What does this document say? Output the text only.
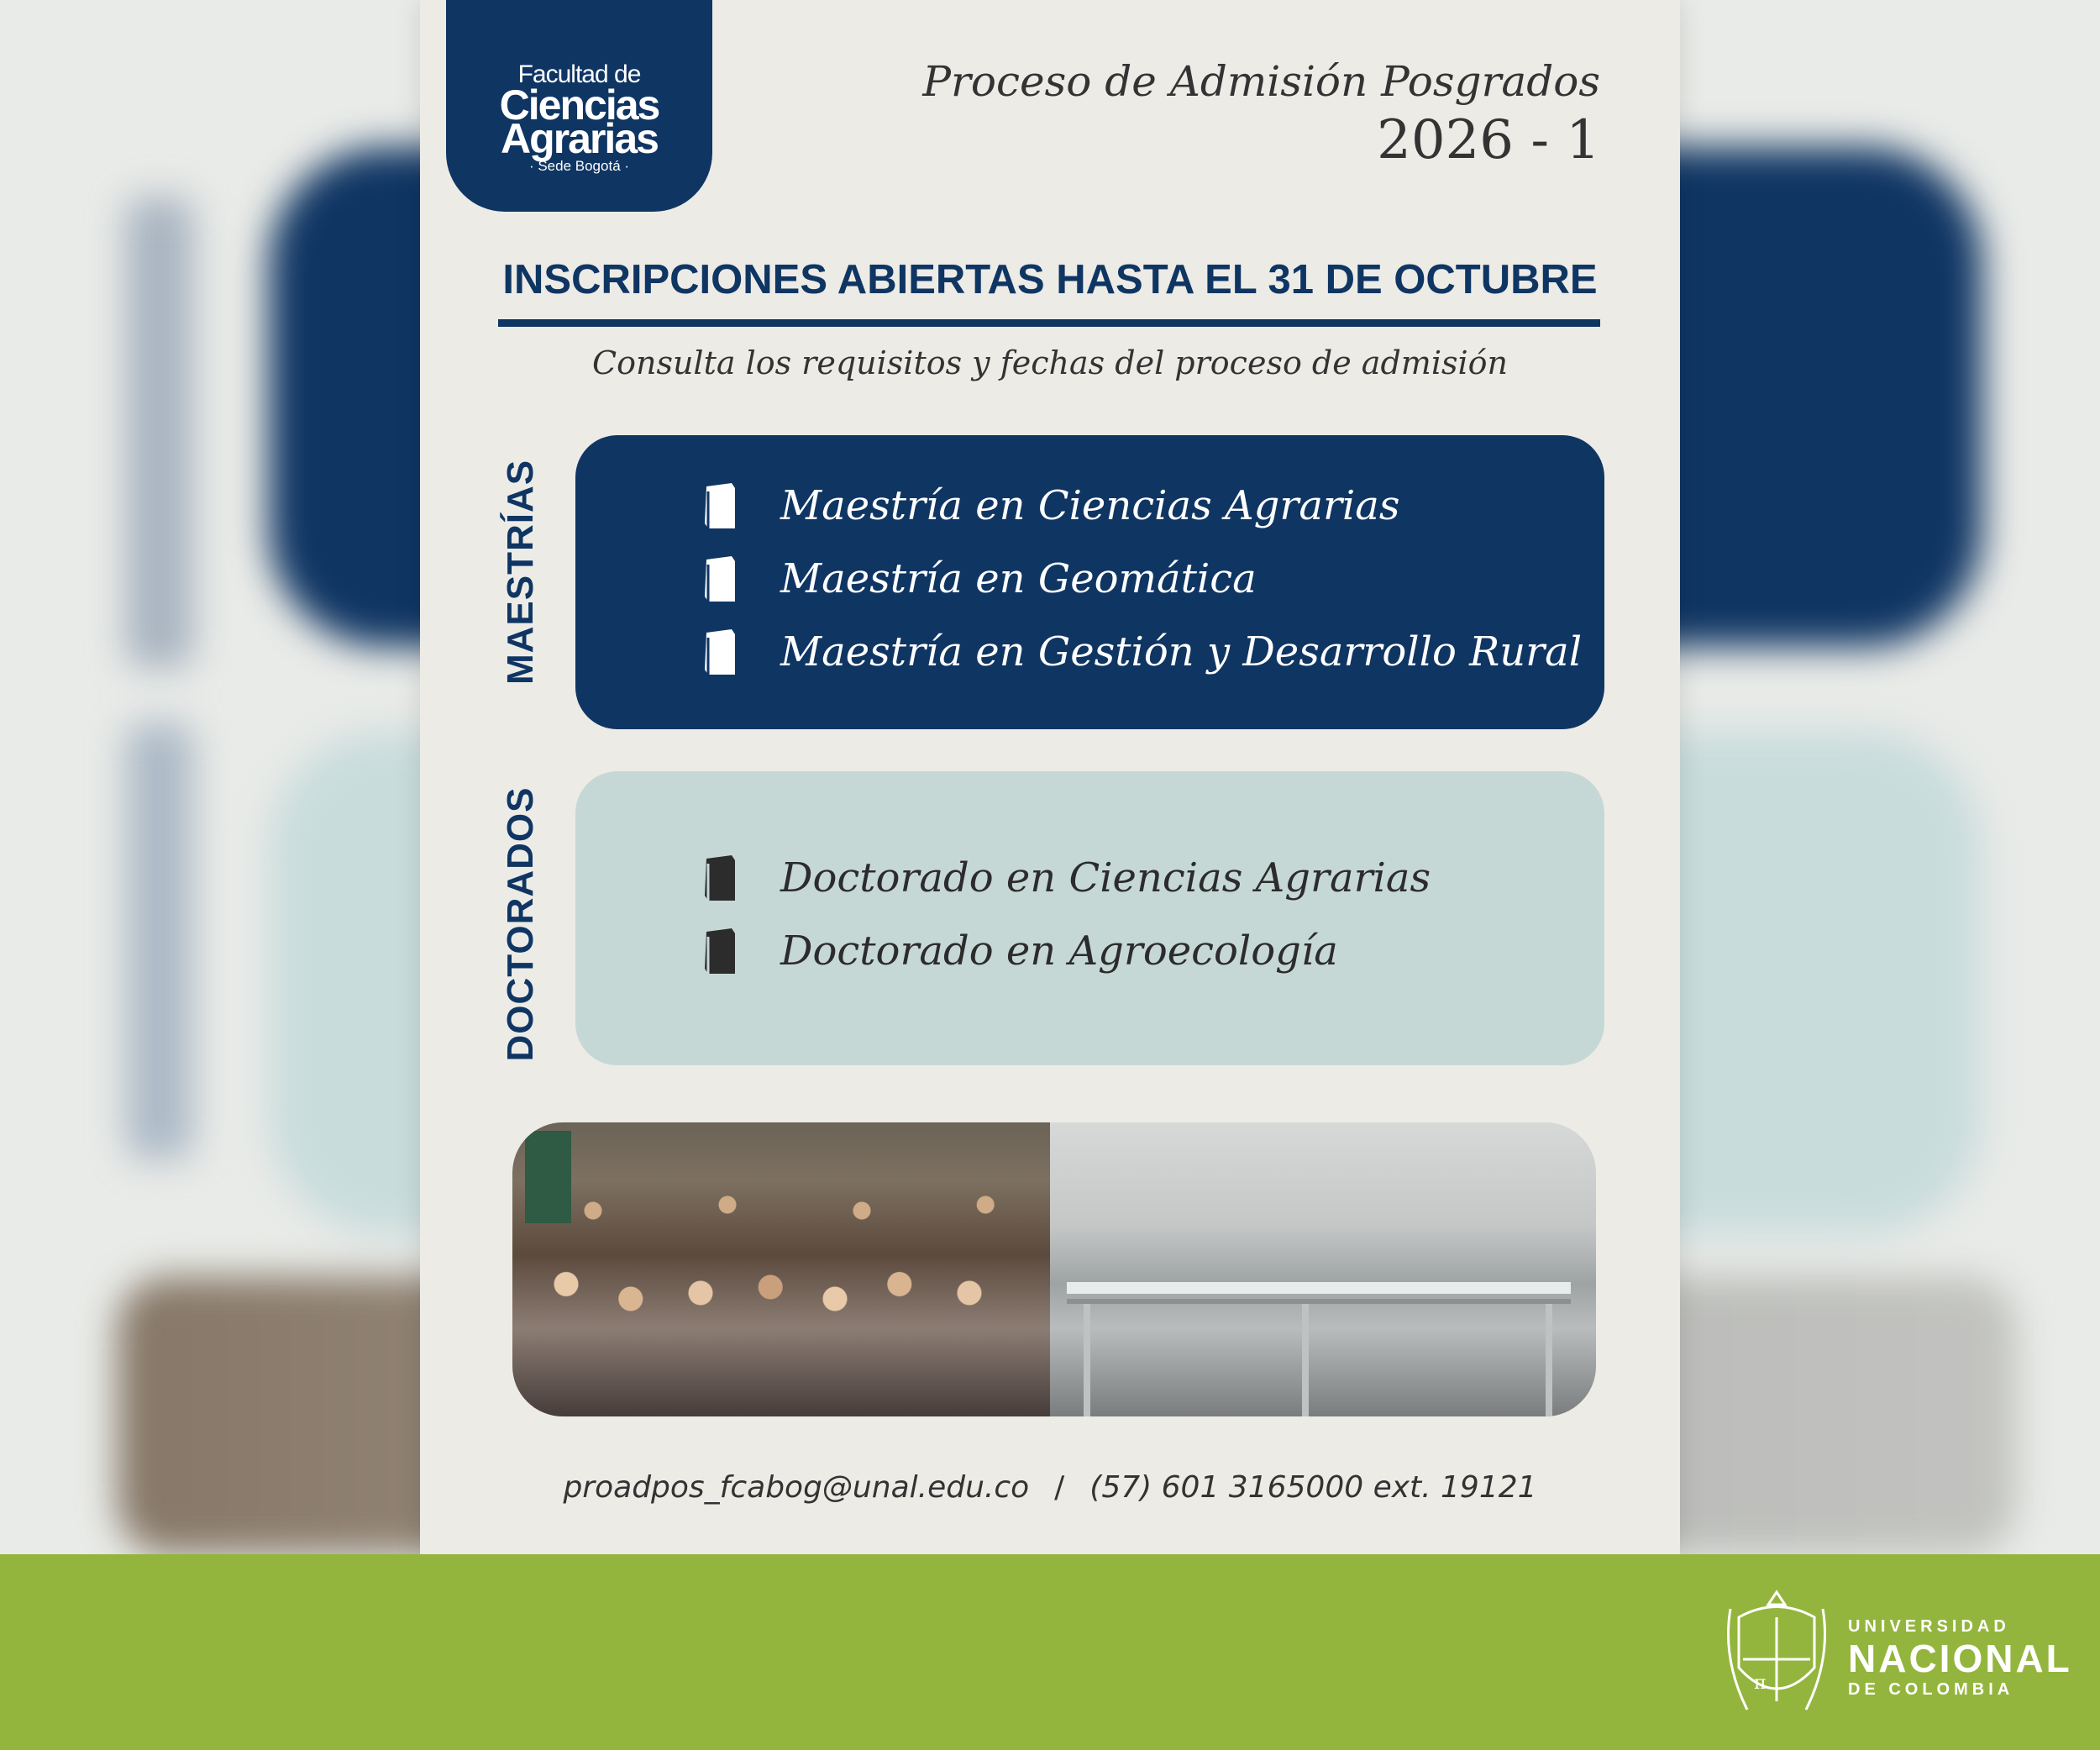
Facultad de
Ciencias
Agrarias
· Sede Bogotá ·
Proceso de Admisión Posgrados
2026 - 1
INSCRIPCIONES ABIERTAS HASTA EL 31 DE OCTUBRE
Consulta los requisitos y fechas del proceso de admisión
MAESTRÍAS	Maestría en Ciencias Agrarias
Maestría en Geomática
Maestría en Gestión y Desarrollo Rural
DOCTORADOS	Doctorado en Ciencias Agrarias
Doctorado en Agroecología
proadpos_fcabog@unal.edu.co / (57) 601 3165000 ext. 19121
π
UNIVERSIDAD
NACIONAL
DE COLOMBIA
